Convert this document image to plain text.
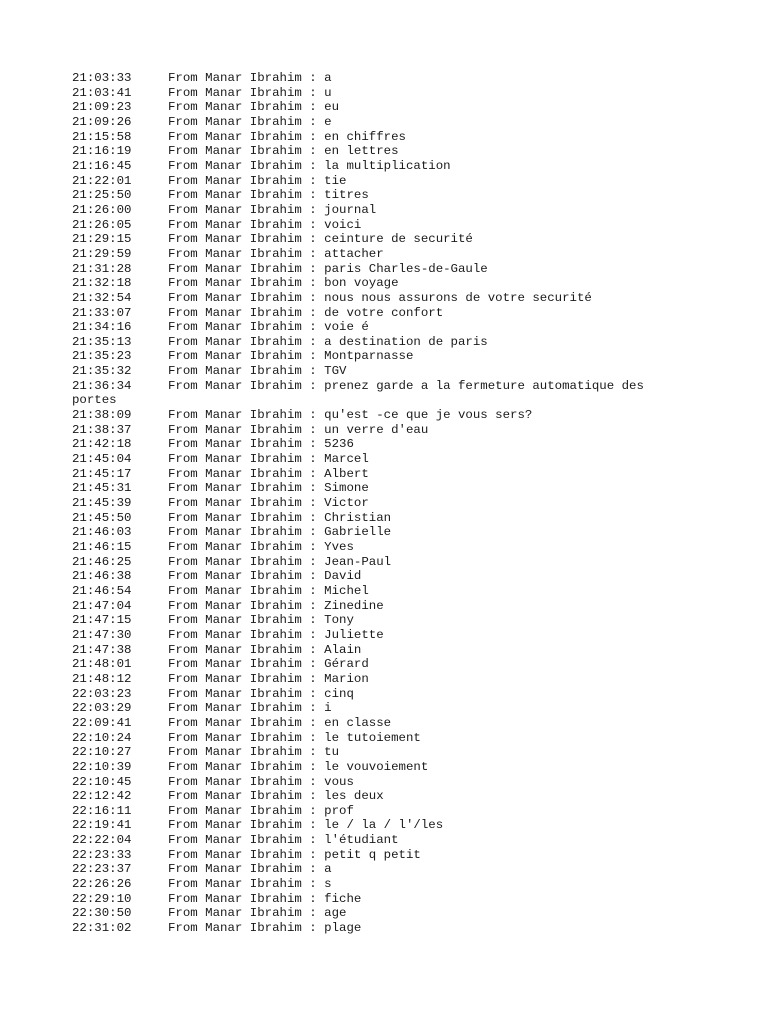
21:03:33	From Manar Ibrahim : a
21:03:41	From Manar Ibrahim : u
21:09:23	From Manar Ibrahim : eu
21:09:26	From Manar Ibrahim : e
21:15:58	From Manar Ibrahim : en chiffres
21:16:19	From Manar Ibrahim : en lettres
21:16:45	From Manar Ibrahim : la multiplication
21:22:01	From Manar Ibrahim : tie
21:25:50	From Manar Ibrahim : titres
21:26:00	From Manar Ibrahim : journal
21:26:05	From Manar Ibrahim : voici
21:29:15	From Manar Ibrahim : ceinture de securité
21:29:59	From Manar Ibrahim : attacher
21:31:28	From Manar Ibrahim : paris Charles-de-Gaule
21:32:18	From Manar Ibrahim : bon voyage
21:32:54	From Manar Ibrahim : nous nous assurons de votre securité
21:33:07	From Manar Ibrahim : de votre confort
21:34:16	From Manar Ibrahim : voie é
21:35:13	From Manar Ibrahim : a destination de paris
21:35:23	From Manar Ibrahim : Montparnasse
21:35:32	From Manar Ibrahim : TGV
21:36:34	From Manar Ibrahim : prenez garde a la fermeture automatique des
portes
21:38:09	From Manar Ibrahim : qu'est -ce que je vous sers?
21:38:37	From Manar Ibrahim : un verre d'eau
21:42:18	From Manar Ibrahim : 5236
21:45:04	From Manar Ibrahim : Marcel
21:45:17	From Manar Ibrahim : Albert
21:45:31	From Manar Ibrahim : Simone
21:45:39	From Manar Ibrahim : Victor
21:45:50	From Manar Ibrahim : Christian
21:46:03	From Manar Ibrahim : Gabrielle
21:46:15	From Manar Ibrahim : Yves
21:46:25	From Manar Ibrahim : Jean-Paul
21:46:38	From Manar Ibrahim : David
21:46:54	From Manar Ibrahim : Michel
21:47:04	From Manar Ibrahim : Zinedine
21:47:15	From Manar Ibrahim : Tony
21:47:30	From Manar Ibrahim : Juliette
21:47:38	From Manar Ibrahim : Alain
21:48:01	From Manar Ibrahim : Gérard
21:48:12	From Manar Ibrahim : Marion
22:03:23	From Manar Ibrahim : cinq
22:03:29	From Manar Ibrahim : i
22:09:41	From Manar Ibrahim : en classe
22:10:24	From Manar Ibrahim : le tutoiement
22:10:27	From Manar Ibrahim : tu
22:10:39	From Manar Ibrahim : le vouvoiement
22:10:45	From Manar Ibrahim : vous
22:12:42	From Manar Ibrahim : les deux
22:16:11	From Manar Ibrahim : prof
22:19:41	From Manar Ibrahim : le / la / l'/les
22:22:04	From Manar Ibrahim : l'étudiant
22:23:33	From Manar Ibrahim : petit q petit
22:23:37	From Manar Ibrahim : a
22:26:26	From Manar Ibrahim : s
22:29:10	From Manar Ibrahim : fiche
22:30:50	From Manar Ibrahim : age
22:31:02	From Manar Ibrahim : plage
